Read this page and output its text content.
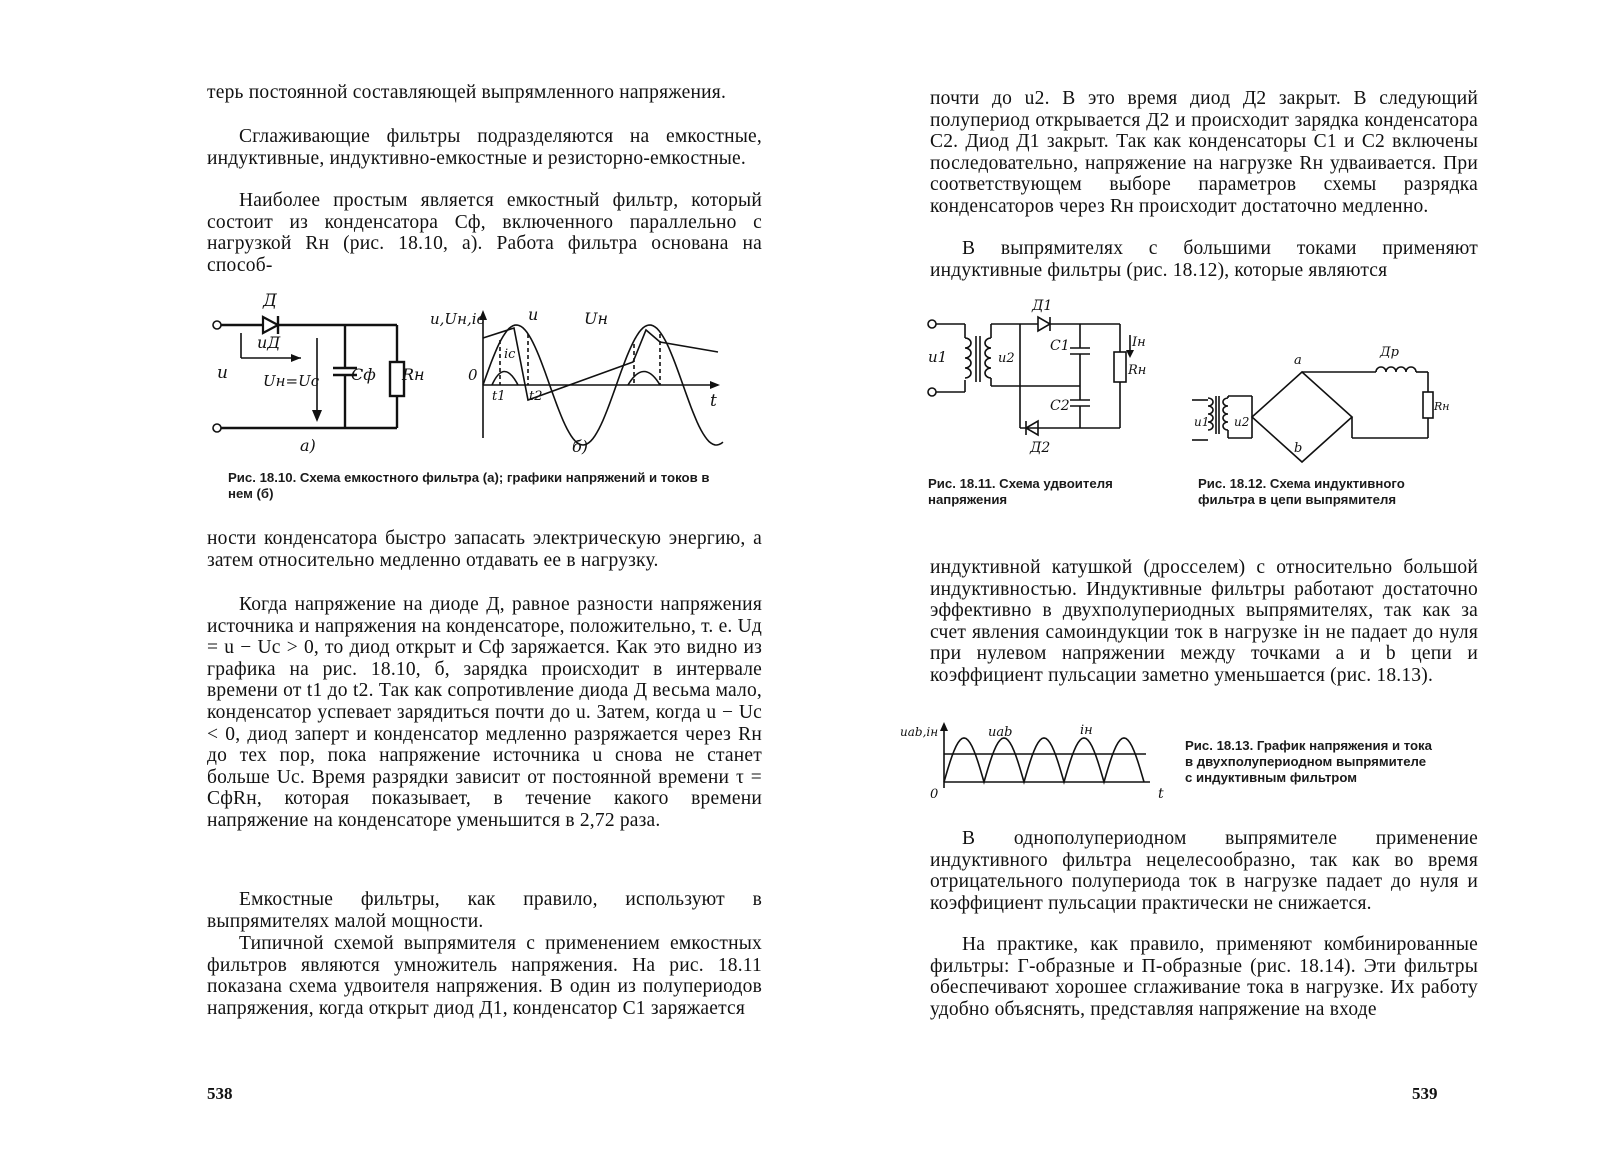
терь постоянной составляющей выпрямленного напряжения.

Сглаживающие фильтры подразделяются на емкостные, индуктивные, индуктивно-емкостные и резисторно-емкостные.

Наиболее простым является емкостный фильтр, который состоит из конденсатора Cф, включенного параллельно с нагрузкой Rн (рис. 18.10, а). Работа фильтра основана на способ-

Д
uД
u Uн=Uc Cф Rн
а)
u,Uн,ic
t
0
u	Uн
ic
t1 t2
б)

Рис. 18.10. Схема емкостного фильтра (а); графики напряжений и токов в нем (б)

ности конденсатора быстро запасать электрическую энергию, а затем относительно медленно отдавать ее в нагрузку.

Когда напряжение на диоде Д, равное разности напряжения источника и напряжения на конденсаторе, положительно, т. е. Uд = u − Uc > 0, то диод открыт и Cф заряжается. Как это видно из графика на рис. 18.10, б, зарядка происходит в интервале времени от t1 до t2. Так как сопротивление диода Д весьма мало, конденсатор успевает зарядиться почти до u. Затем, когда u − Uc < 0, диод заперт и конденсатор медленно разряжается через Rн до тех пор, пока напряжение источника u снова не станет больше Uc. Время разрядки зависит от постоянной времени τ = CфRн, которая показывает, в течение какого времени напряжение на конденсаторе уменьшится в 2,72 раза.

Емкостные фильтры, как правило, используют в выпрямителях малой мощности.

Типичной схемой выпрямителя с применением емкостных фильтров являются умножитель напряжения. На рис. 18.11 показана схема удвоителя напряжения. В один из полупериодов напряжения, когда открыт диод Д1, конденсатор C1 заряжается

538

почти до u2. В это время диод Д2 закрыт. В следующий полупериод открывается Д2 и происходит зарядка конденсатора C2. Диод Д1 закрыт. Так как конденсаторы C1 и C2 включены последовательно, напряжение на нагрузке Rн удваивается. При соответствующем выборе параметров схемы разрядка конденсаторов через Rн происходит достаточно медленно.

В выпрямителях с большими токами применяют индуктивные фильтры (рис. 18.12), которые являются

u1	u2
Д1
Д2
C1
C2
Iн
Rн
u1 u2
a
b
Др
Rн

Рис. 18.11. Схема удвоителя напряжения

Рис. 18.12. Схема индуктивного фильтра в цепи выпрямителя

индуктивной катушкой (дросселем) с относительно большой индуктивностью. Индуктивные фильтры работают достаточно эффективно в двухполупериодных выпрямителях, так как за счет явления самоиндукции ток в нагрузке iн не падает до нуля при нулевом напряжении между точками a и b цепи и коэффициент пульсации заметно уменьшается (рис. 18.13).

uab,iн	uab	iн
0	t

Рис. 18.13. График напряжения и тока в двухполупериодном выпрямителе с индуктивным фильтром

В однополупериодном выпрямителе применение индуктивного фильтра нецелесообразно, так как во время отрицательного полупериода ток в нагрузке падает до нуля и коэффициент пульсации практически не снижается.

На практике, как правило, применяют комбинированные фильтры: Г-образные и П-образные (рис. 18.14). Эти фильтры обеспечивают хорошее сглаживание тока в нагрузке. Их работу удобно объяснять, представляя напряжение на входе

539
